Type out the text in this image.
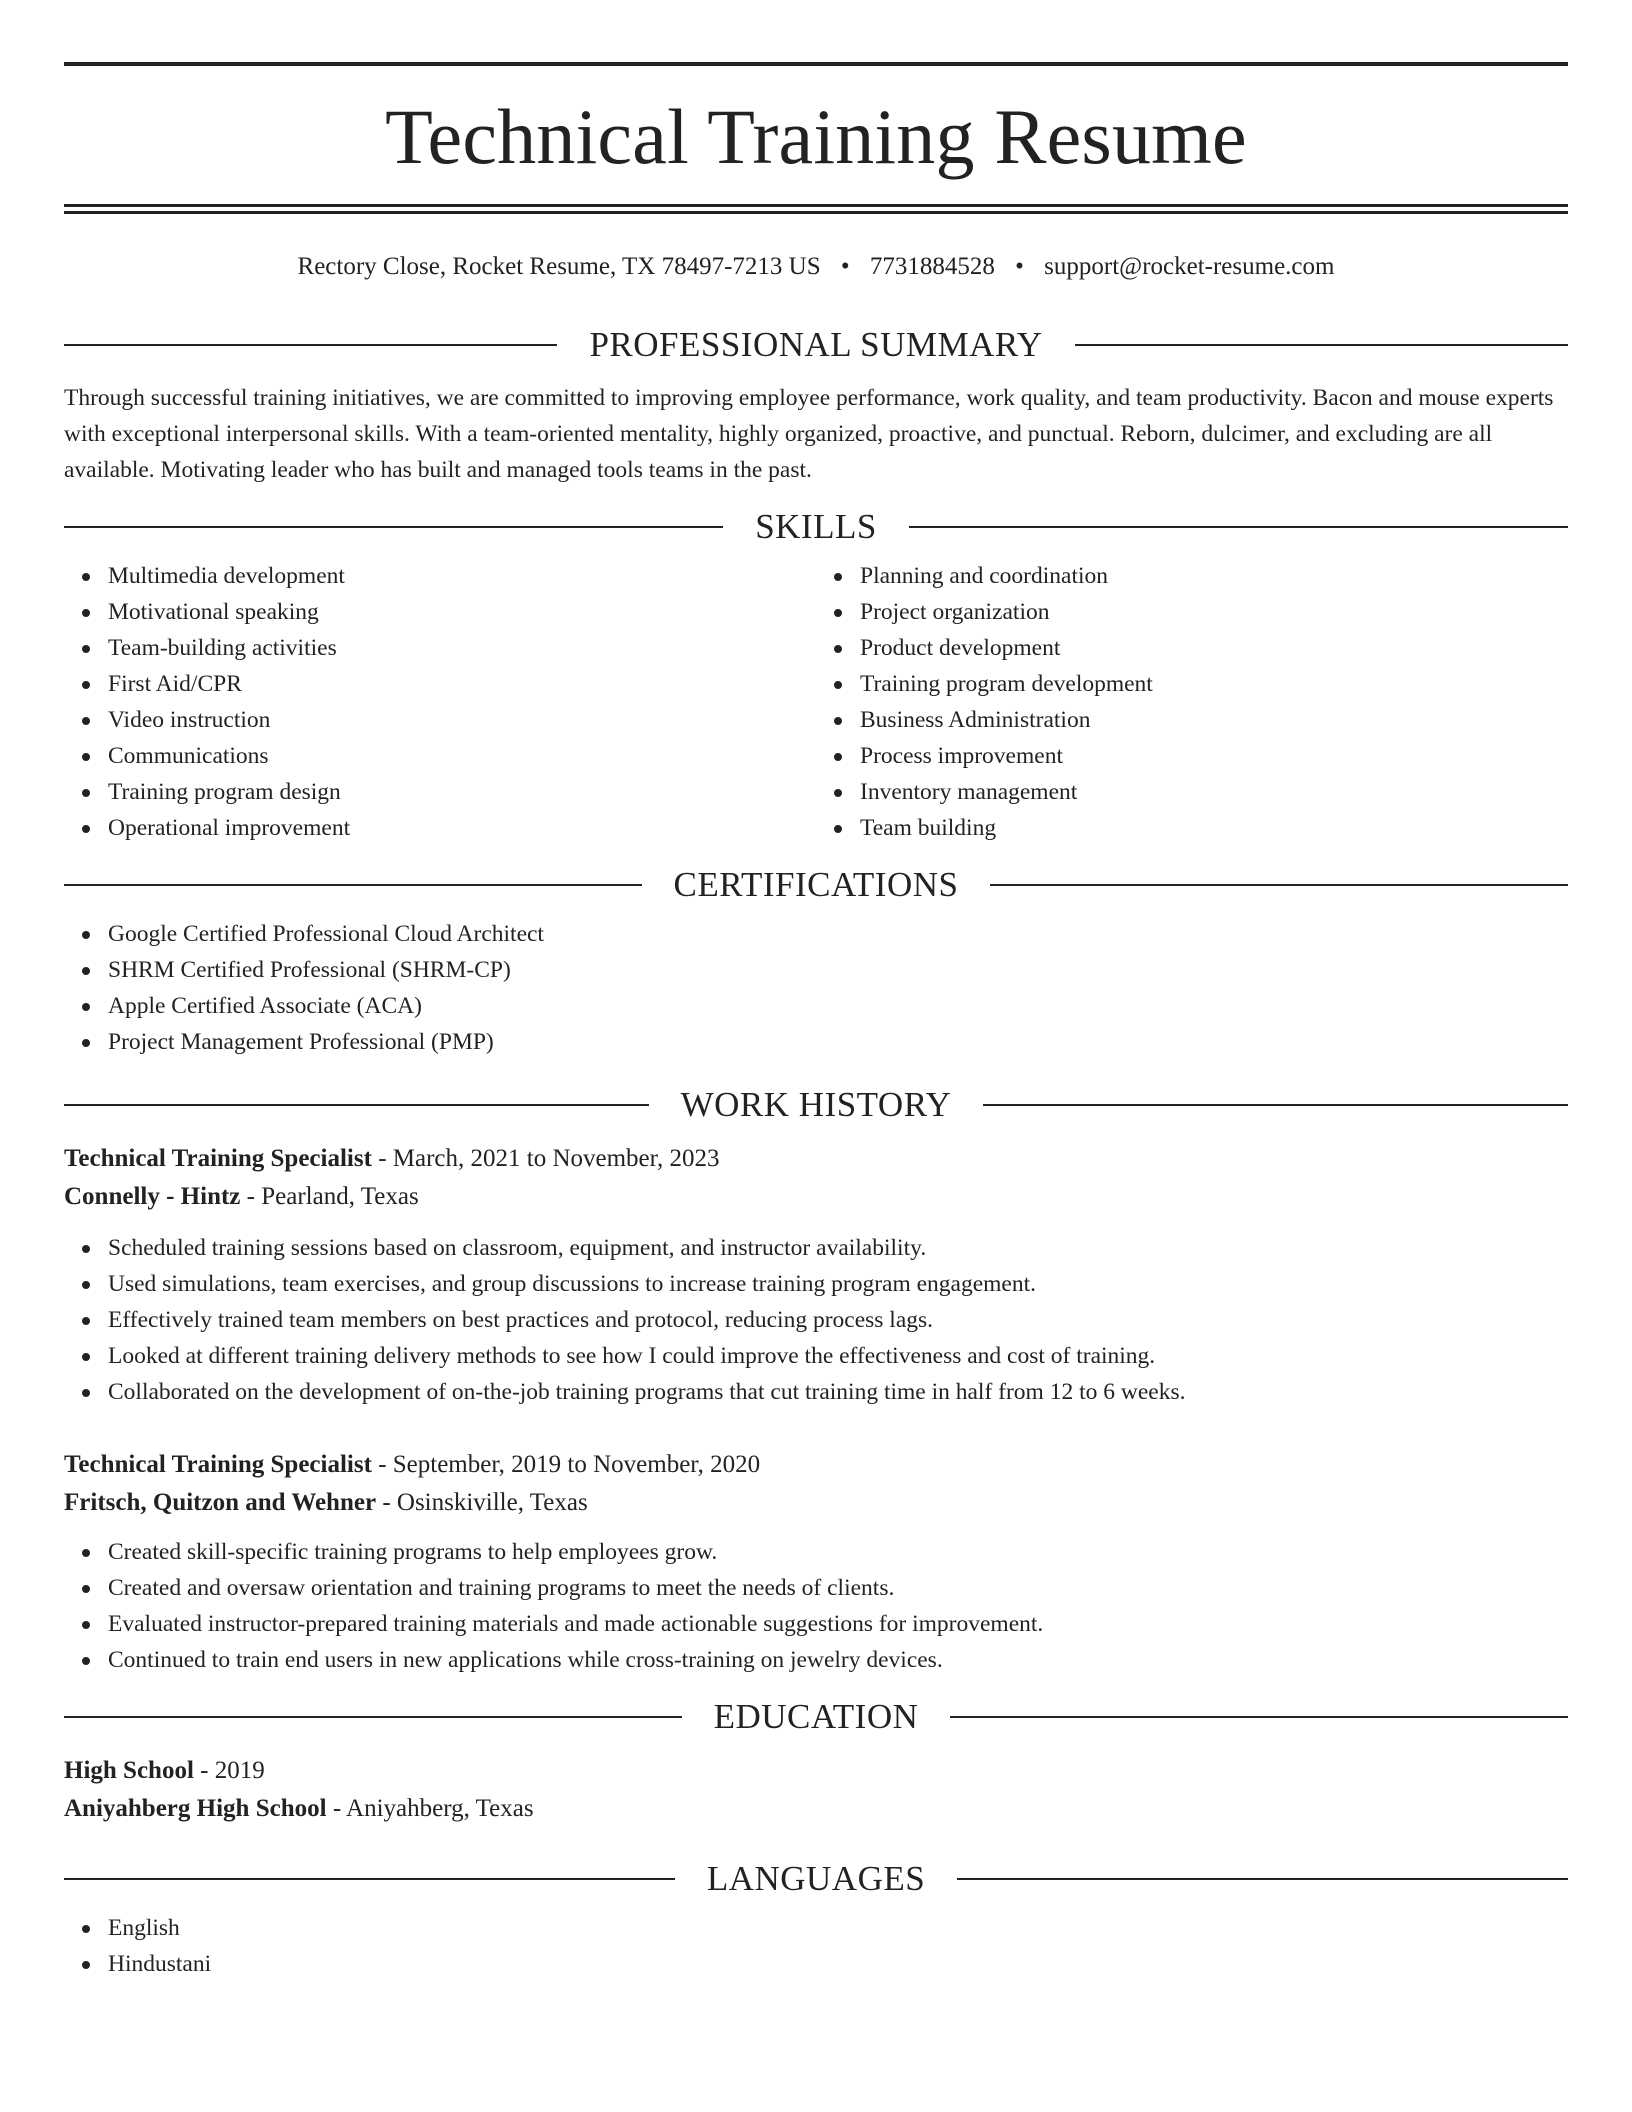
Technical Training Resume
Rectory Close, Rocket Resume, TX 78497-7213 US • 7731884528 • support@rocket-resume.com
PROFESSIONAL SUMMARY

Through successful training initiatives, we are committed to improving employee performance, work quality, and team productivity. Bacon and mouse experts with exceptional interpersonal skills. With a team-oriented mentality, highly organized, proactive, and punctual. Reborn, dulcimer, and excluding are all available. Motivating leader who has built and managed tools teams in the past.

SKILLS
Multimedia development
Motivational speaking
Team-building activities
First Aid/CPR
Video instruction
Communications
Training program design
Operational improvement
Planning and coordination
Project organization
Product development
Training program development
Business Administration
Process improvement
Inventory management
Team building
CERTIFICATIONS
Google Certified Professional Cloud Architect
SHRM Certified Professional (SHRM-CP)
Apple Certified Associate (ACA)
Project Management Professional (PMP)
WORK HISTORY

Technical Training Specialist - March, 2021 to November, 2023

Connelly - Hintz - Pearland, Texas

Scheduled training sessions based on classroom, equipment, and instructor availability.
Used simulations, team exercises, and group discussions to increase training program engagement.
Effectively trained team members on best practices and protocol, reducing process lags.
Looked at different training delivery methods to see how I could improve the effectiveness and cost of training.
Collaborated on the development of on-the-job training programs that cut training time in half from 12 to 6 weeks.

Technical Training Specialist - September, 2019 to November, 2020

Fritsch, Quitzon and Wehner - Osinskiville, Texas

Created skill-specific training programs to help employees grow.
Created and oversaw orientation and training programs to meet the needs of clients.
Evaluated instructor-prepared training materials and made actionable suggestions for improvement.
Continued to train end users in new applications while cross-training on jewelry devices.
EDUCATION

High School - 2019

Aniyahberg High School - Aniyahberg, Texas

LANGUAGES
English
Hindustani
